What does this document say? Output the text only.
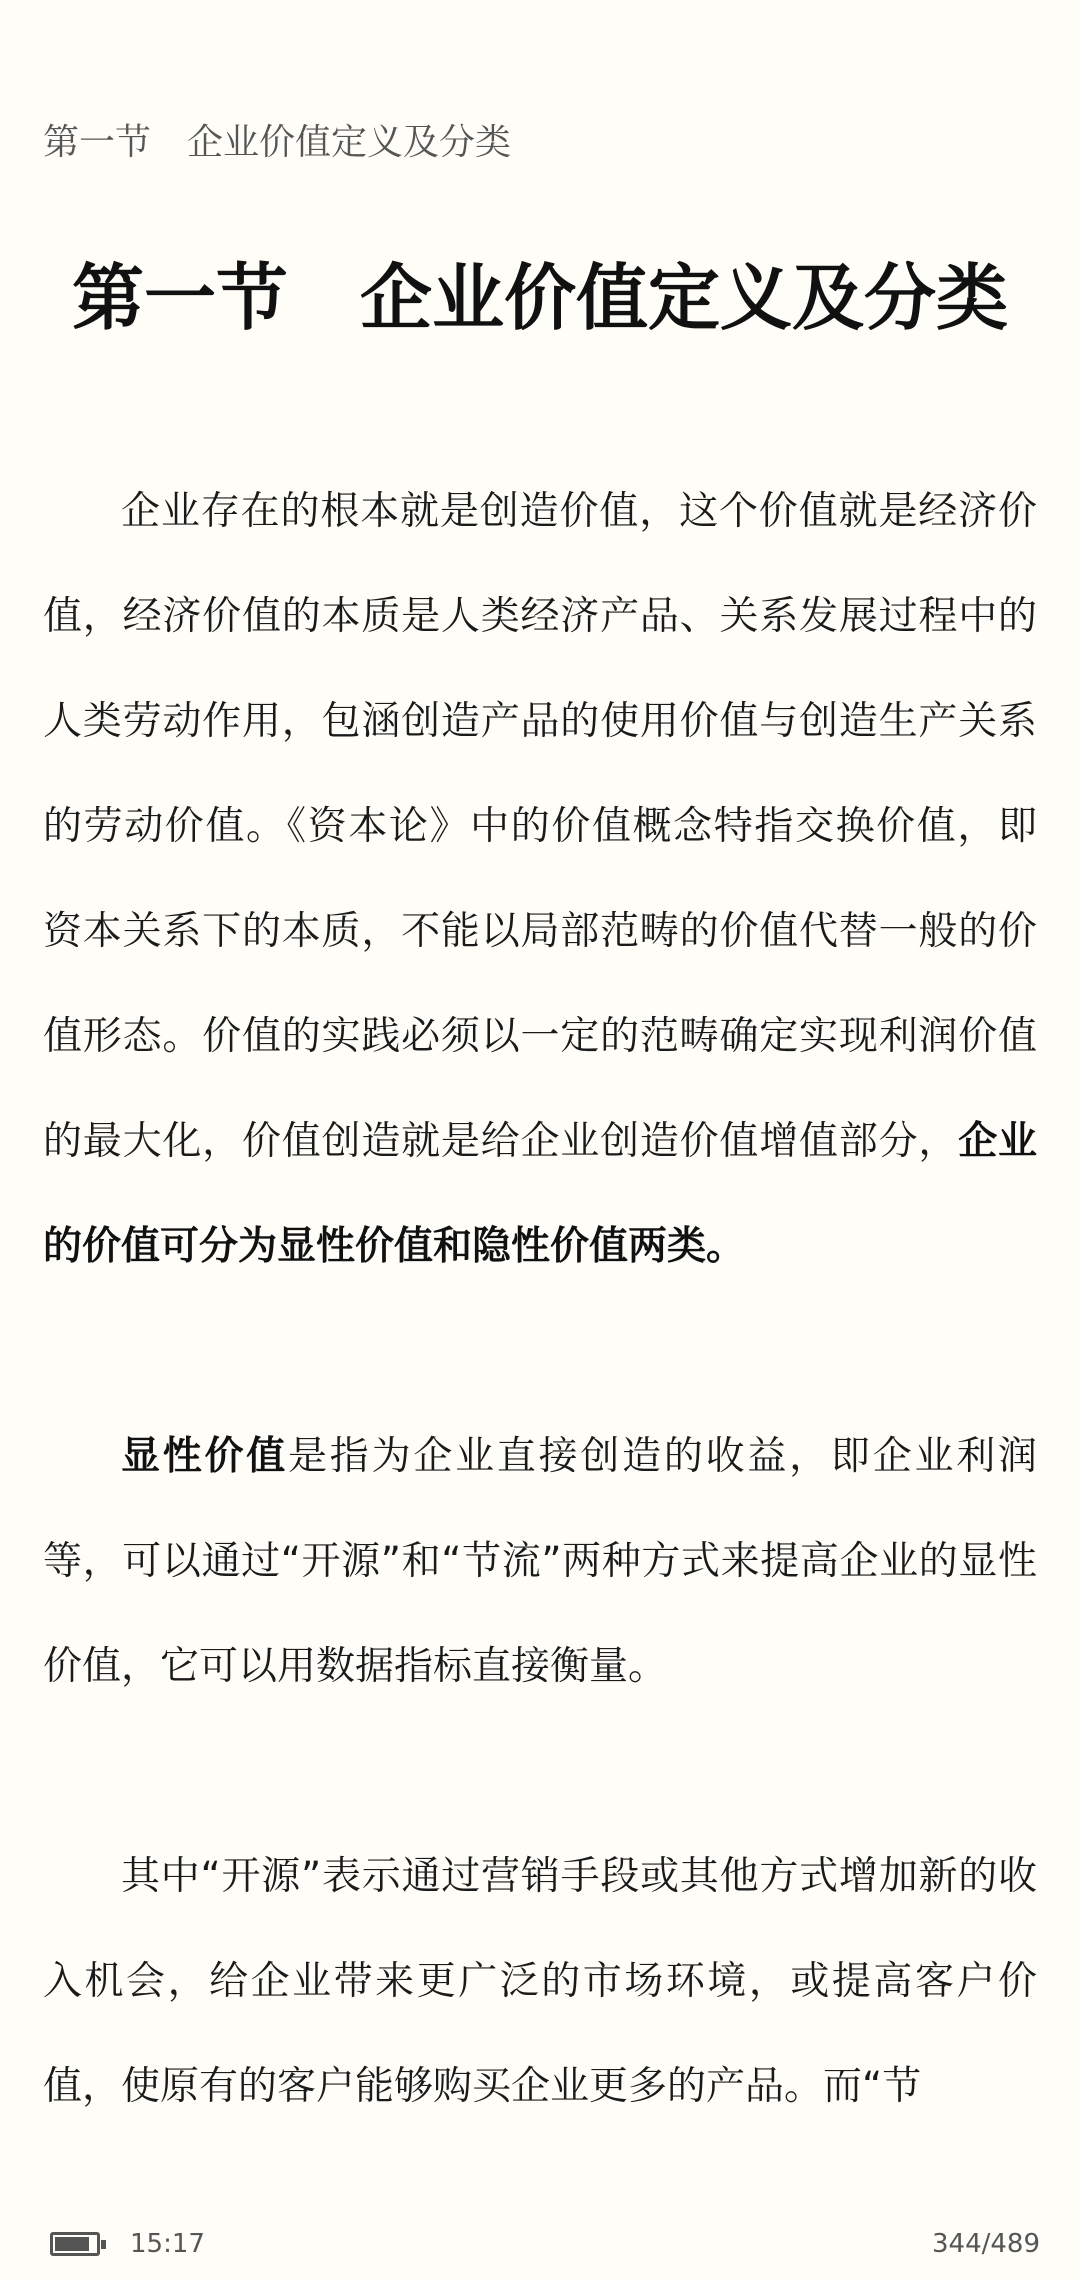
第一节　企业价值定义及分类
第一节　企业价值定义及分类

企业存在的根本就是创造价值，这个价值就是经济价值，经济价值的本质是人类经济产品、关系发展过程中的人类劳动作用，包涵创造产品的使用价值与创造生产关系的劳动价值。《资本论》中的价值概念特指交换价值，即资本关系下的本质，不能以局部范畴的价值代替一般的价值形态。价值的实践必须以一定的范畴确定实现利润价值的最大化，价值创造就是给企业创造价值增值部分，企业的价值可分为显性价值和隐性价值两类。

显性价值是指为企业直接创造的收益，即企业利润等，可以通过“开源”和“节流”两种方式来提高企业的显性价值，它可以用数据指标直接衡量。

其中“开源”表示通过营销手段或其他方式增加新的收入机会，给企业带来更广泛的市场环境，或提高客户价值，使原有的客户能够购买企业更多的产品。而“节

15:17	344/489
